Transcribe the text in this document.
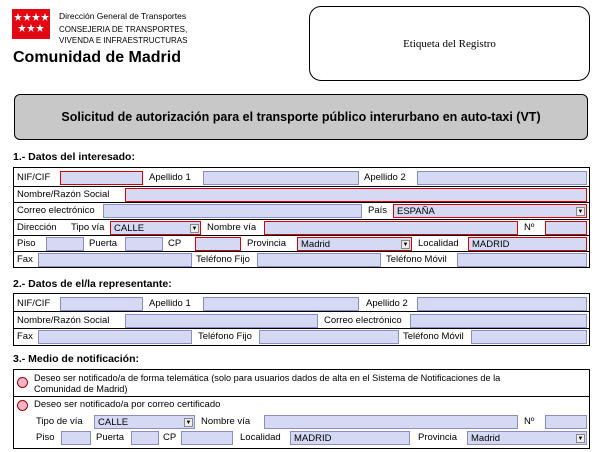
Dirección General de Transportes
CONSEJERIA DE TRANSPORTES,
VIVENDA E INFRAESTRUCTURAS
Comunidad de Madrid
Etiqueta del Registro
Solicitud de autorización para el transporte público interurbano en auto-taxi (VT)
1.- Datos del interesado:
NIF/CIF	Apellido 1	Apellido 2
Nombre/Razón Social
Correo electrónico	País ESPAÑA	▼
Dirección Tipo vía CALLE	▼ Nombre vía	Nº
Piso	Puerta	CP	Provincia Madrid	▼ Localidad MADRID
Fax	Teléfono Fijo	Teléfono Móvil
2.- Datos de el/la representante:
NIF/CIF	Apellido 1	Apellido 2
Nombre/Razón Social	Correo electrónico
Fax	Teléfono Fijo	Teléfono Móvil
3.- Medio de notificación:
Deseo ser notificado/a de forma telemática (solo para usuarios dados de alta en el Sistema de Notificaciones de la
Comunidad de Madrid)
Deseo ser notificado/a por correo certificado
Tipo de vía CALLE	▼ Nombre vía	Nº
Piso	Puerta	CP	Localidad MADRID	Provincia Madrid	▼
